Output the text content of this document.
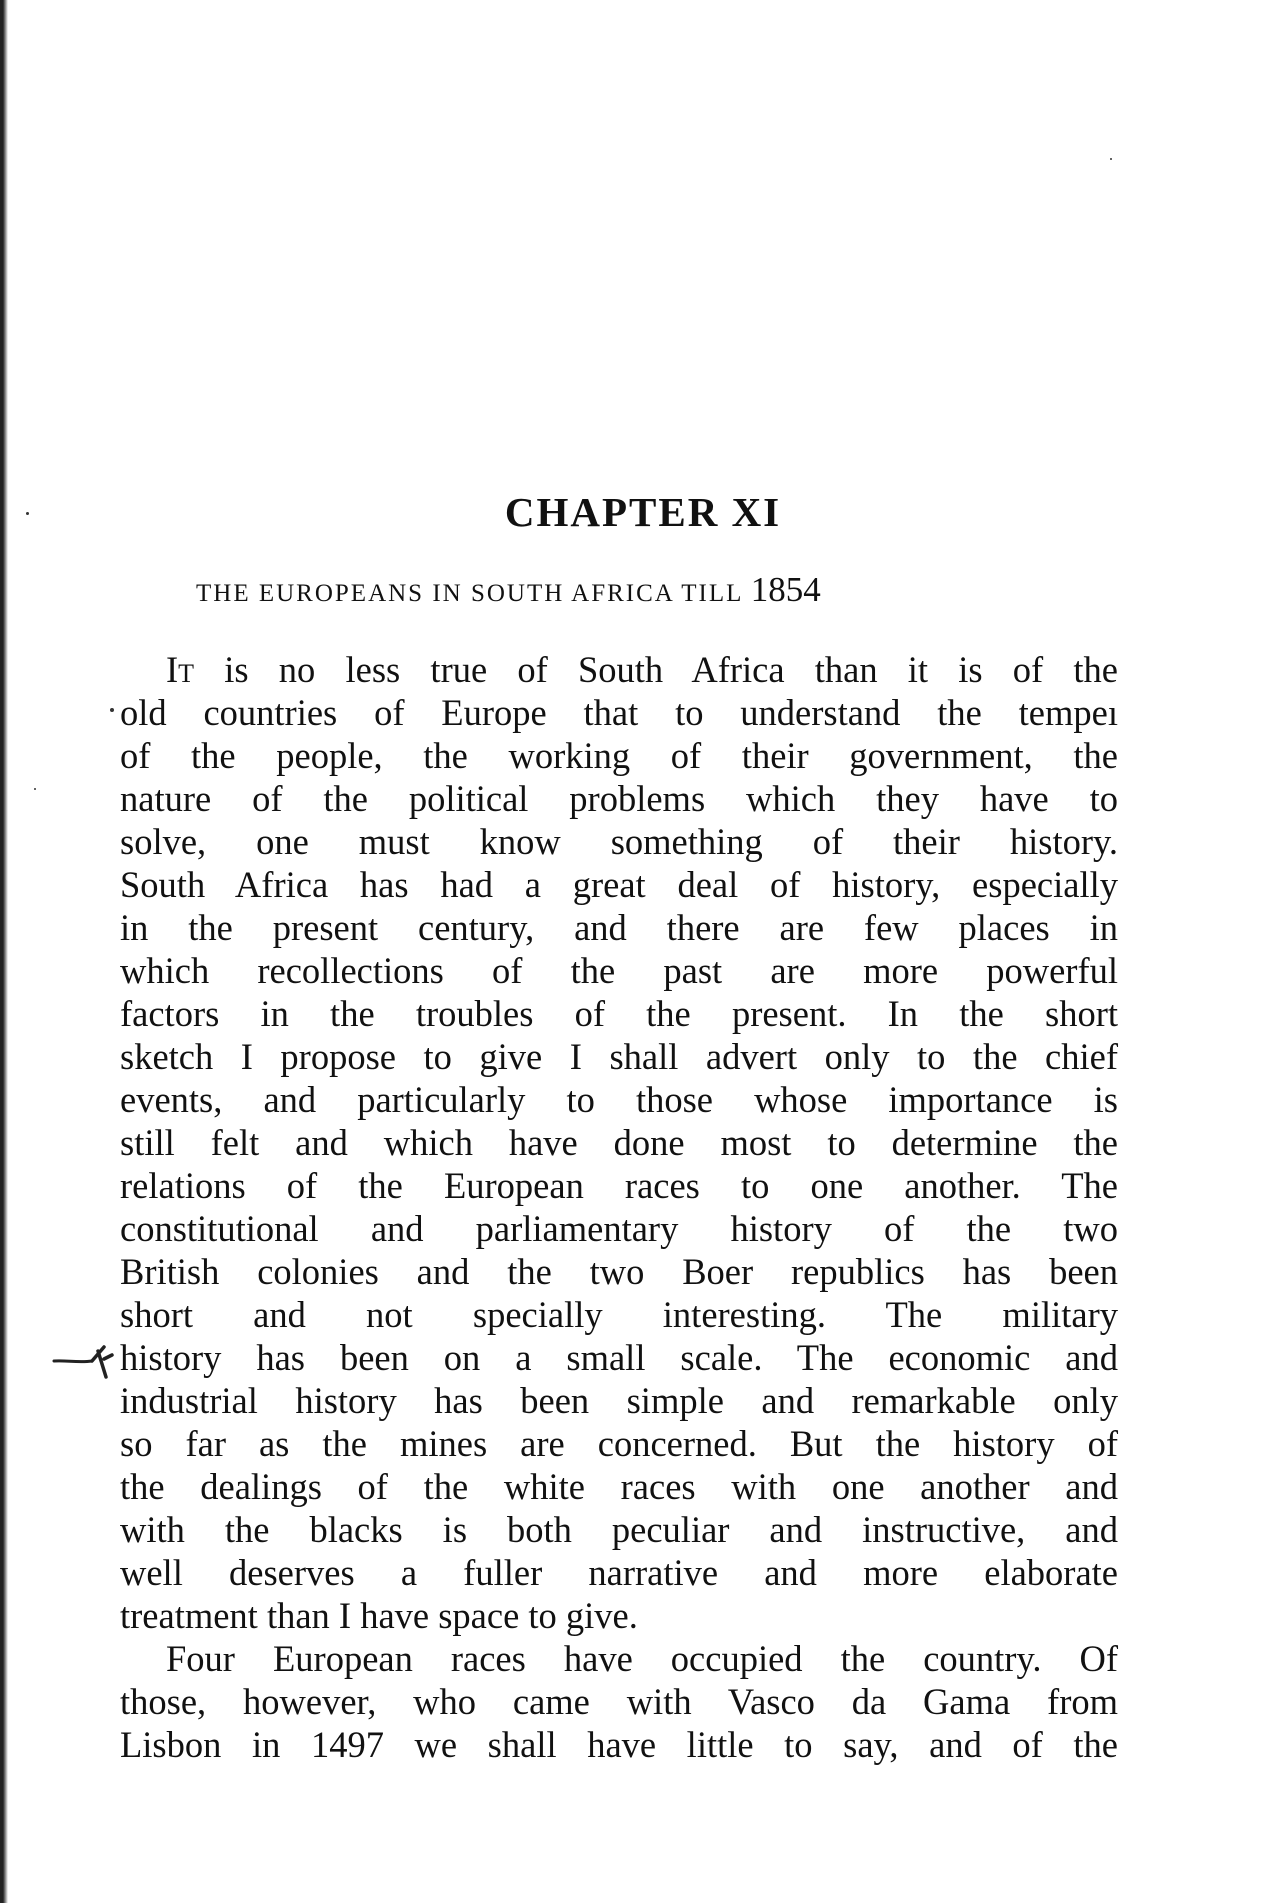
CHAPTER XI
THE EUROPEANS IN SOUTH AFRICA TILL 1854
It is no less true of South Africa than it is of the
old countries of Europe that to understand the tempeı
of the people, the working of their government, the
nature of the political problems which they have to
solve, one must know something of their history.
South Africa has had a great deal of history, especially
in the present century, and there are few places in
which recollections of the past are more powerful
factors in the troubles of the present. In the short
sketch I propose to give I shall advert only to the chief
events, and particularly to those whose importance is
still felt and which have done most to determine the
relations of the European races to one another. The
constitutional and parliamentary history of the two
British colonies and the two Boer republics has been
short and not specially interesting. The military
history has been on a small scale. The economic and
industrial history has been simple and remarkable only
so far as the mines are concerned. But the history of
the dealings of the white races with one another and
with the blacks is both peculiar and instructive, and
well deserves a fuller narrative and more elaborate
treatment than I have space to give.
Four European races have occupied the country. Of
those, however, who came with Vasco da Gama from
Lisbon in 1497 we shall have little to say, and of the
